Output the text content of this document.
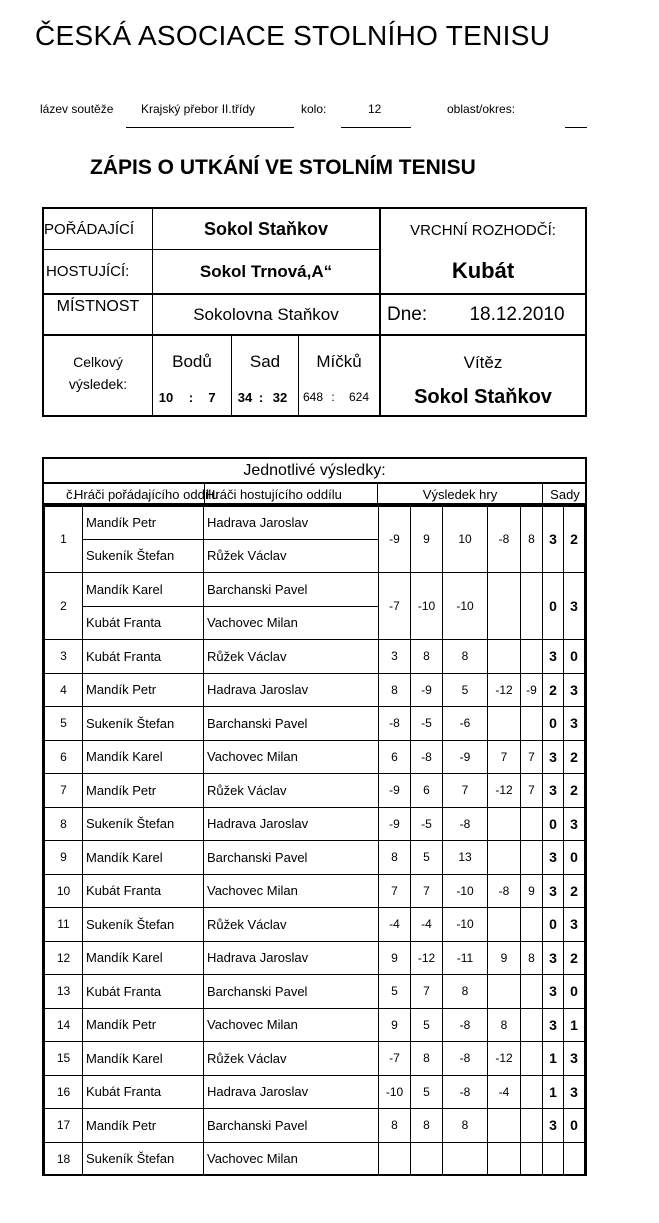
ČESKÁ ASOCIACE STOLNÍHO TENISU
lázev soutěže Krajský přebor II.třídy	kolo:	12	oblast/okres:
ZÁPIS O UTKÁNÍ VE STOLNÍM TENISU
POŘÁDAJÍCÍ	Sokol Staňkov
HOSTUJÍCÍ:	Sokol Trnová,A“
MÍSTNOST	Sokolovna Staňkov
VRCHNÍ ROZHODČÍ:
Kubát
Dne:	18.12.2010
Celkový
výsledek:
Bodů
10 :	7
Sad
34 : 32
Míčků
648 :	624
Vítěz
Sokol Staňkov
Jednotlivé výsledky:
č.
Hráči pořádajícího oddílu
Hráči hostujícího oddílu	Výsledek hry	Sady
1	Mandík Petr	Hadrava Jaroslav	-9	9	10	-8	8	3	2
	Sukeník Štefan	Růžek Václav							
2	Mandík Karel	Barchanski Pavel	-7	-10	-10			0	3
	Kubát Franta	Vachovec Milan							
3	Kubát Franta	Růžek Václav	3	8	8			3	0
4	Mandík Petr	Hadrava Jaroslav	8	-9	5	-12	-9	2	3
5	Sukeník Štefan	Barchanski Pavel	-8	-5	-6			0	3
6	Mandík Karel	Vachovec Milan	6	-8	-9	7	7	3	2
7	Mandík Petr	Růžek Václav	-9	6	7	-12	7	3	2
8	Sukeník Štefan	Hadrava Jaroslav	-9	-5	-8			0	3
9	Mandík Karel	Barchanski Pavel	8	5	13			3	0
10	Kubát Franta	Vachovec Milan	7	7	-10	-8	9	3	2
11	Sukeník Štefan	Růžek Václav	-4	-4	-10			0	3
12	Mandík Karel	Hadrava Jaroslav	9	-12	-11	9	8	3	2
13	Kubát Franta	Barchanski Pavel	5	7	8			3	0
14	Mandík Petr	Vachovec Milan	9	5	-8	8		3	1
15	Mandík Karel	Růžek Václav	-7	8	-8	-12		1	3
16	Kubát Franta	Hadrava Jaroslav	-10	5	-8	-4		1	3
17	Mandík Petr	Barchanski Pavel	8	8	8			3	0
18	Sukeník Štefan	Vachovec Milan							
